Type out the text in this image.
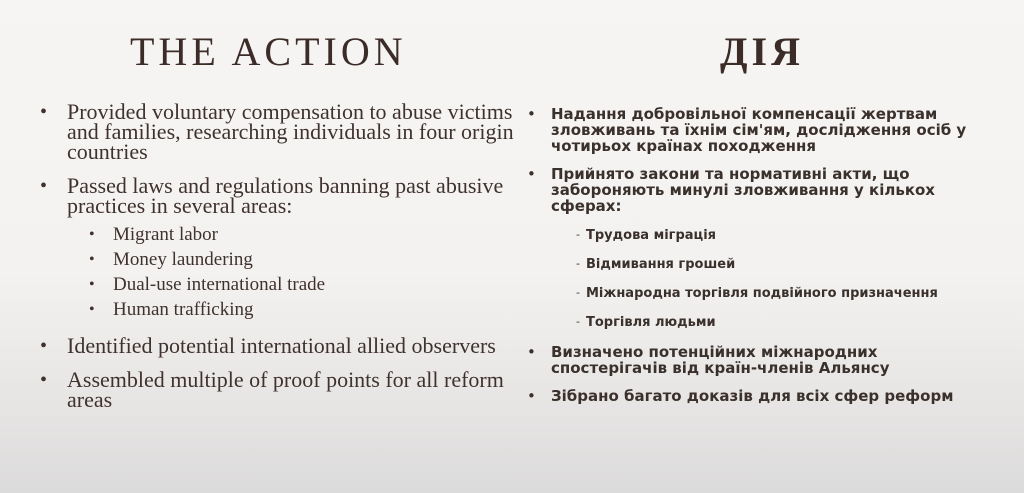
THE ACTION	ДІЯ
• Provided voluntary compensation to abuse victims and families, researching individuals in four origin countries
• Passed laws and regulations banning past abusive practices in several areas:
• Migrant labor
• Money laundering
• Dual-use international trade
• Human trafficking
• Identified potential international allied observers
• Assembled multiple of proof points for all reform areas
• Надання добровільної компенсації жертвам зловживань та їхнім сім'ям, дослідження осіб у чотирьох країнах походження
• Прийнято закони та нормативні акти, що забороняють минулі зловживання у кількох сферах:
- Трудова міграція
- Відмивання грошей
- Міжнародна торгівля подвійного призначення
- Торгівля людьми
• Визначено потенційних міжнародних спостерігачів від країн-членів Альянсу
• Зібрано багато доказів для всіх сфер реформ
